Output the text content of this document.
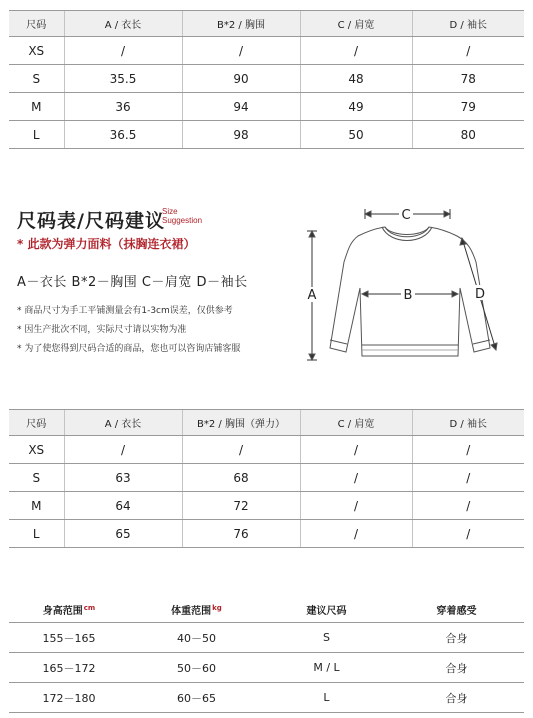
尺码	A / 衣长	B*2 / 胸围	C / 肩宽	D / 袖长
XS	/	/	/	/
S	35.5	90	48	78
M	36	94	49	79
L	36.5	98	50	80
尺码表/尺码建议
Size
Suggestion
* 此款为弹力面料（抹胸连衣裙）
A－衣长 B*2－胸围 C－肩宽 D－袖长
* 商品尺寸为手工平铺测量会有1-3cm误差，仅供参考
* 因生产批次不同，实际尺寸请以实物为准
* 为了使您得到尺码合适的商品，您也可以咨询店铺客服
A	B
C
D
尺码	A / 衣长	B*2 / 胸围（弹力）	C / 肩宽	D / 袖长
XS	/	/	/	/
S	63	68	/	/
M	64	72	/	/
L	65	76	/	/
身高范围$^{cm}$	体重范围$^{kg}$	建议尺码	穿着感受
155－165	40－50	S	合身
165－172	50－60	M / L	合身
172－180	60－65	L	合身
